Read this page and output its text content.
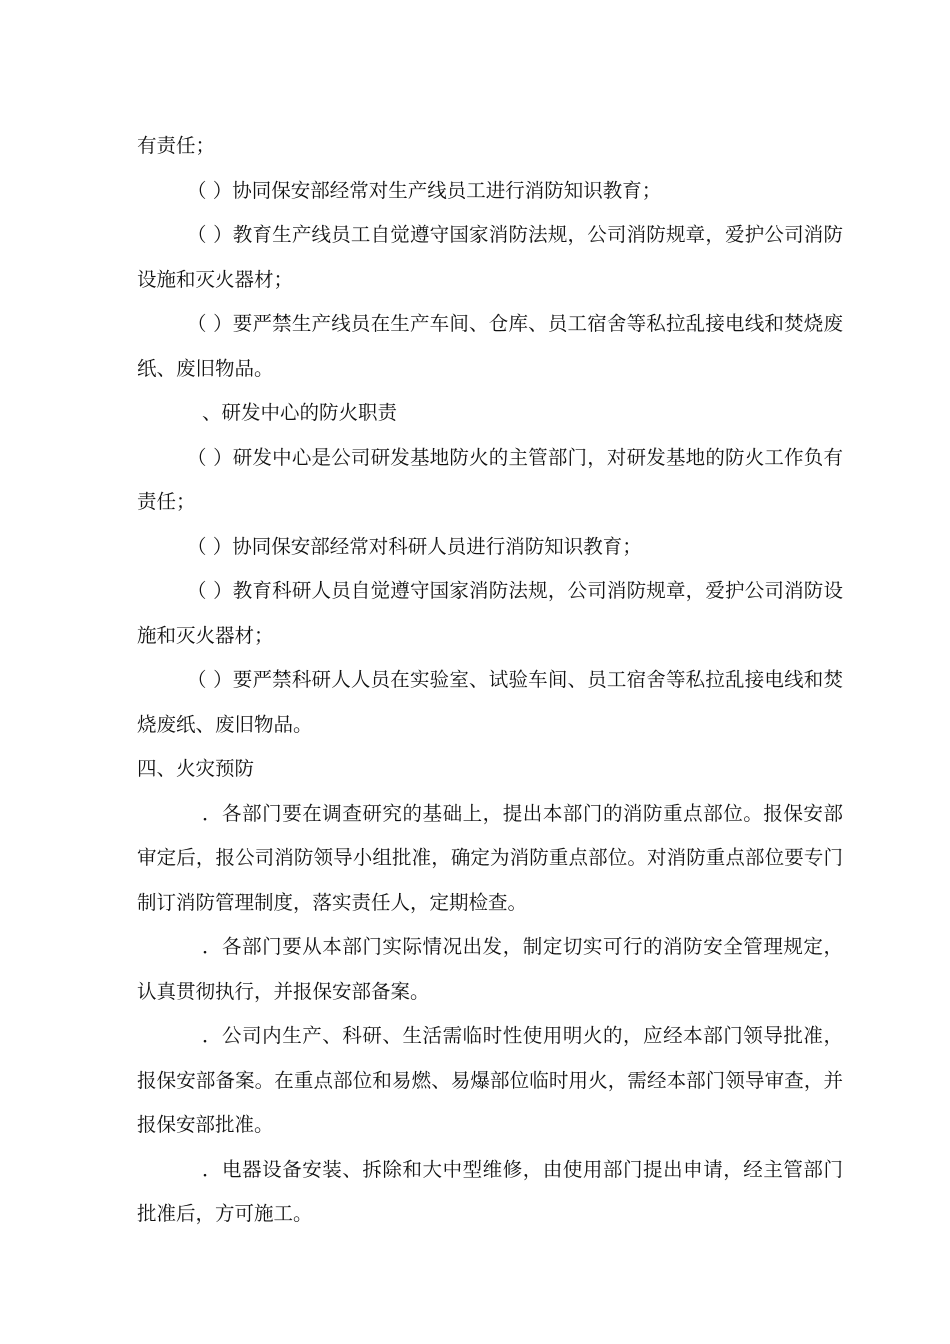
有责任；

（ ）协同保安部经常对生产线员工进行消防知识教育；

（ ）教育生产线员工自觉遵守国家消防法规，公司消防规章，爱护公司消防设施和灭火器材；

（ ）要严禁生产线员在生产车间、仓库、员工宿舍等私拉乱接电线和焚烧废纸、废旧物品。

、研发中心的防火职责

（ ）研发中心是公司研发基地防火的主管部门，对研发基地的防火工作负有责任；

（ ）协同保安部经常对科研人员进行消防知识教育；

（ ）教育科研人员自觉遵守国家消防法规，公司消防规章，爱护公司消防设施和灭火器材；

（ ）要严禁科研人人员在实验室、试验车间、员工宿舍等私拉乱接电线和焚烧废纸、废旧物品。

四、火灾预防

．各部门要在调查研究的基础上，提出本部门的消防重点部位。报保安部审定后，报公司消防领导小组批准，确定为消防重点部位。对消防重点部位要专门制订消防管理制度，落实责任人，定期检查。

．各部门要从本部门实际情况出发，制定切实可行的消防安全管理规定，认真贯彻执行，并报保安部备案。

．公司内生产、科研、生活需临时性使用明火的，应经本部门领导批准，报保安部备案。在重点部位和易燃、易爆部位临时用火，需经本部门领导审查，并报保安部批准。

．电器设备安装、拆除和大中型维修，由使用部门提出申请，经主管部门批准后，方可施工。
